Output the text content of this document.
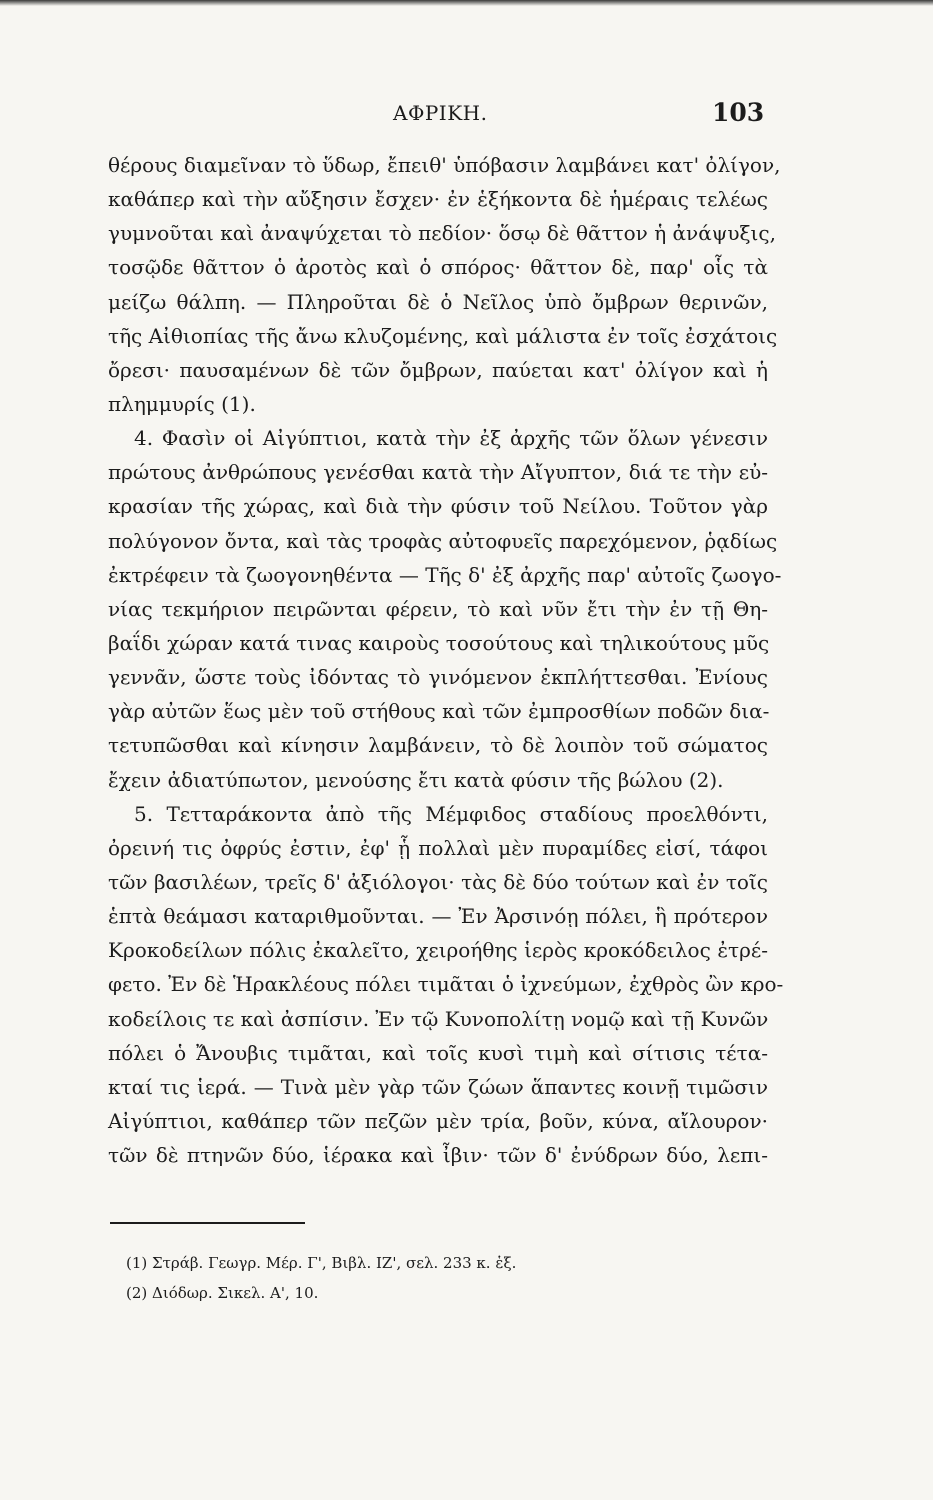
ΑΦΡΙΚΗ.	103
θέρους διαμεῖναν τὸ ὕδωρ, ἔπειθ' ὑπόβασιν λαμβάνει κατ' ὀλίγον,
καθάπερ καὶ τὴν αὔξησιν ἔσχεν· ἐν ἑξήκοντα δὲ ἡμέραις τελέως
γυμνοῦται καὶ ἀναψύχεται τὸ πεδίον· ὅσῳ δὲ θᾶττον ἡ ἀνάψυξις,
τοσῷδε θᾶττον ὁ ἀροτὸς καὶ ὁ σπόρος· θᾶττον δὲ, παρ' οἷς τὰ
μείζω θάλπη. — Πληροῦται δὲ ὁ Νεῖλος ὑπὸ ὄμβρων θερινῶν,
τῆς Αἰθιοπίας τῆς ἄνω κλυζομένης, καὶ μάλιστα ἐν τοῖς ἐσχάτοις
ὄρεσι· παυσαμένων δὲ τῶν ὄμβρων, παύεται κατ' ὀλίγον καὶ ἡ
πλημμυρίς (1).
4. Φασὶν οἱ Αἰγύπτιοι, κατὰ τὴν ἐξ ἀρχῆς τῶν ὅλων γένεσιν
πρώτους ἀνθρώπους γενέσθαι κατὰ τὴν Αἴγυπτον, διά τε τὴν εὐ-
κρασίαν τῆς χώρας, καὶ διὰ τὴν φύσιν τοῦ Νείλου. Τοῦτον γὰρ
πολύγονον ὄντα, καὶ τὰς τροφὰς αὐτοφυεῖς παρεχόμενον, ῥᾳδίως
ἐκτρέφειν τὰ ζωογονηθέντα — Τῆς δ' ἐξ ἀρχῆς παρ' αὐτοῖς ζωογο-
νίας τεκμήριον πειρῶνται φέρειν, τὸ καὶ νῦν ἔτι τὴν ἐν τῇ Θη-
βαΐδι χώραν κατά τινας καιροὺς τοσούτους καὶ τηλικούτους μῦς
γεννᾶν, ὥστε τοὺς ἰδόντας τὸ γινόμενον ἐκπλήττεσθαι. Ἐνίους
γὰρ αὐτῶν ἕως μὲν τοῦ στήθους καὶ τῶν ἐμπροσθίων ποδῶν δια-
τετυπῶσθαι καὶ κίνησιν λαμβάνειν, τὸ δὲ λοιπὸν τοῦ σώματος
ἔχειν ἀδιατύπωτον, μενούσης ἔτι κατὰ φύσιν τῆς βώλου (2).
5. Τετταράκοντα ἀπὸ τῆς Μέμφιδος σταδίους προελθόντι,
ὀρεινή τις ὀφρύς ἐστιν, ἐφ' ᾗ πολλαὶ μὲν πυραμίδες εἰσί, τάφοι
τῶν βασιλέων, τρεῖς δ' ἀξιόλογοι· τὰς δὲ δύο τούτων καὶ ἐν τοῖς
ἑπτὰ θεάμασι καταριθμοῦνται. — Ἐν Ἀρσινόῃ πόλει, ἣ πρότερον
Κροκοδείλων πόλις ἐκαλεῖτο, χειροήθης ἱερὸς κροκόδειλος ἐτρέ-
φετο. Ἐν δὲ Ἡρακλέους πόλει τιμᾶται ὁ ἰχνεύμων, ἐχθρὸς ὢν κρο-
κοδείλοις τε καὶ ἀσπίσιν. Ἐν τῷ Κυνοπολίτῃ νομῷ καὶ τῇ Κυνῶν
πόλει ὁ Ἄνουβις τιμᾶται, καὶ τοῖς κυσὶ τιμὴ καὶ σίτισις τέτα-
κταί τις ἱερά. — Τινὰ μὲν γὰρ τῶν ζώων ἅπαντες κοινῇ τιμῶσιν
Αἰγύπτιοι, καθάπερ τῶν πεζῶν μὲν τρία, βοῦν, κύνα, αἴλουρον·
τῶν δὲ πτηνῶν δύο, ἱέρακα καὶ ἶβιν· τῶν δ' ἐνύδρων δύο, λεπι-
(1) Στράβ. Γεωγρ. Μέρ. Γ', Βιβλ. ΙΖ', σελ. 233 κ. ἑξ.
(2) Διόδωρ. Σικελ. Α', 10.
